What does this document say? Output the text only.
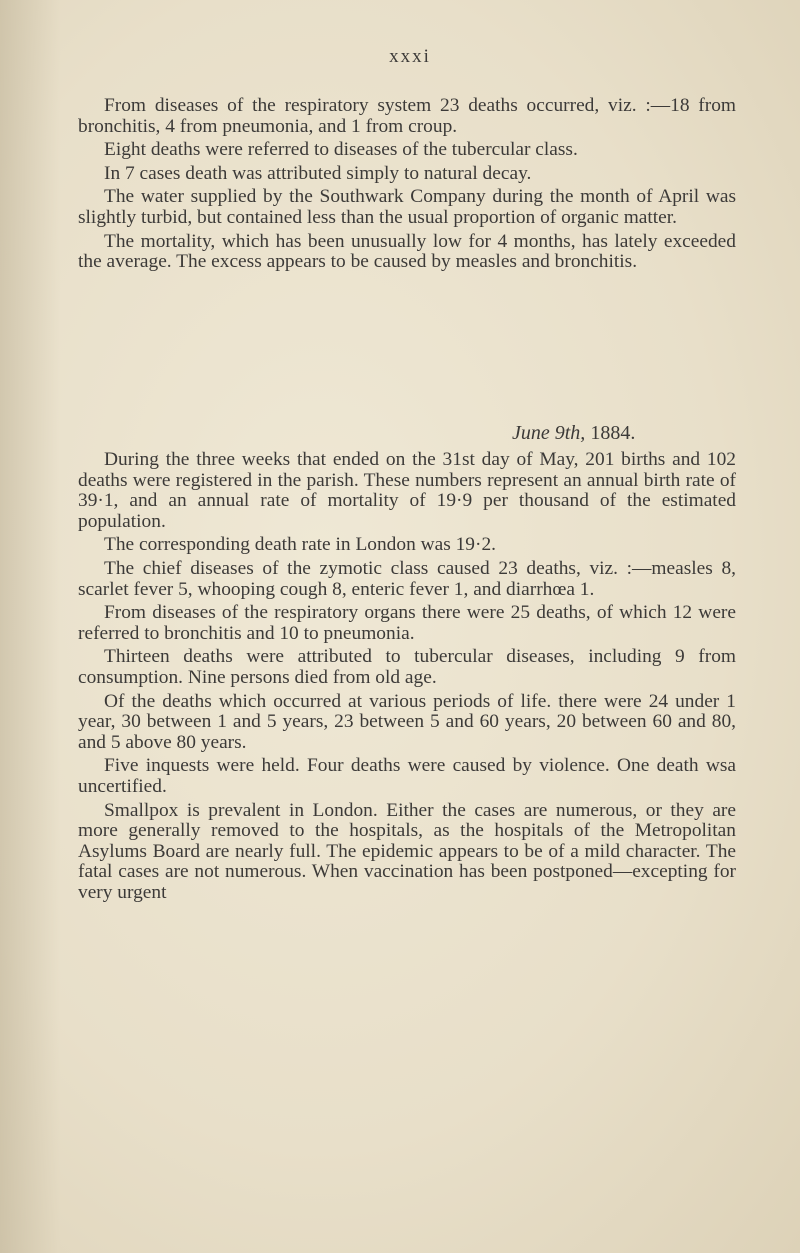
xxxi

From diseases of the respiratory system 23 deaths occurred, viz. :—18 from bronchitis, 4 from pneumonia, and 1 from croup.

Eight deaths were referred to diseases of the tubercular class.

In 7 cases death was attributed simply to natural decay.

The water supplied by the Southwark Company during the month of April was slightly turbid, but contained less than the usual proportion of organic matter.

The mortality, which has been unusually low for 4 months, has lately exceeded the average. The excess appears to be caused by measles and bronchitis.

June 9th, 1884.

During the three weeks that ended on the 31st day of May, 201 births and 102 deaths were registered in the parish. These numbers represent an annual birth rate of 39·1, and an annual rate of mortality of 19·9 per thousand of the estimated population.

The corresponding death rate in London was 19·2.

The chief diseases of the zymotic class caused 23 deaths, viz. :—measles 8, scarlet fever 5, whooping cough 8, enteric fever 1, and diarrhœa 1.

From diseases of the respiratory organs there were 25 deaths, of which 12 were referred to bronchitis and 10 to pneumonia.

Thirteen deaths were attributed to tubercular diseases, including 9 from consumption. Nine persons died from old age.

Of the deaths which occurred at various periods of life. there were 24 under 1 year, 30 between 1 and 5 years, 23 between 5 and 60 years, 20 between 60 and 80, and 5 above 80 years.

Five inquests were held. Four deaths were caused by violence. One death wsa uncertified.

Smallpox is prevalent in London. Either the cases are numerous, or they are more generally removed to the hospitals, as the hospitals of the Metropolitan Asylums Board are nearly full. The epidemic appears to be of a mild character. The fatal cases are not numerous. When vaccination has been postponed—excepting for very urgent
